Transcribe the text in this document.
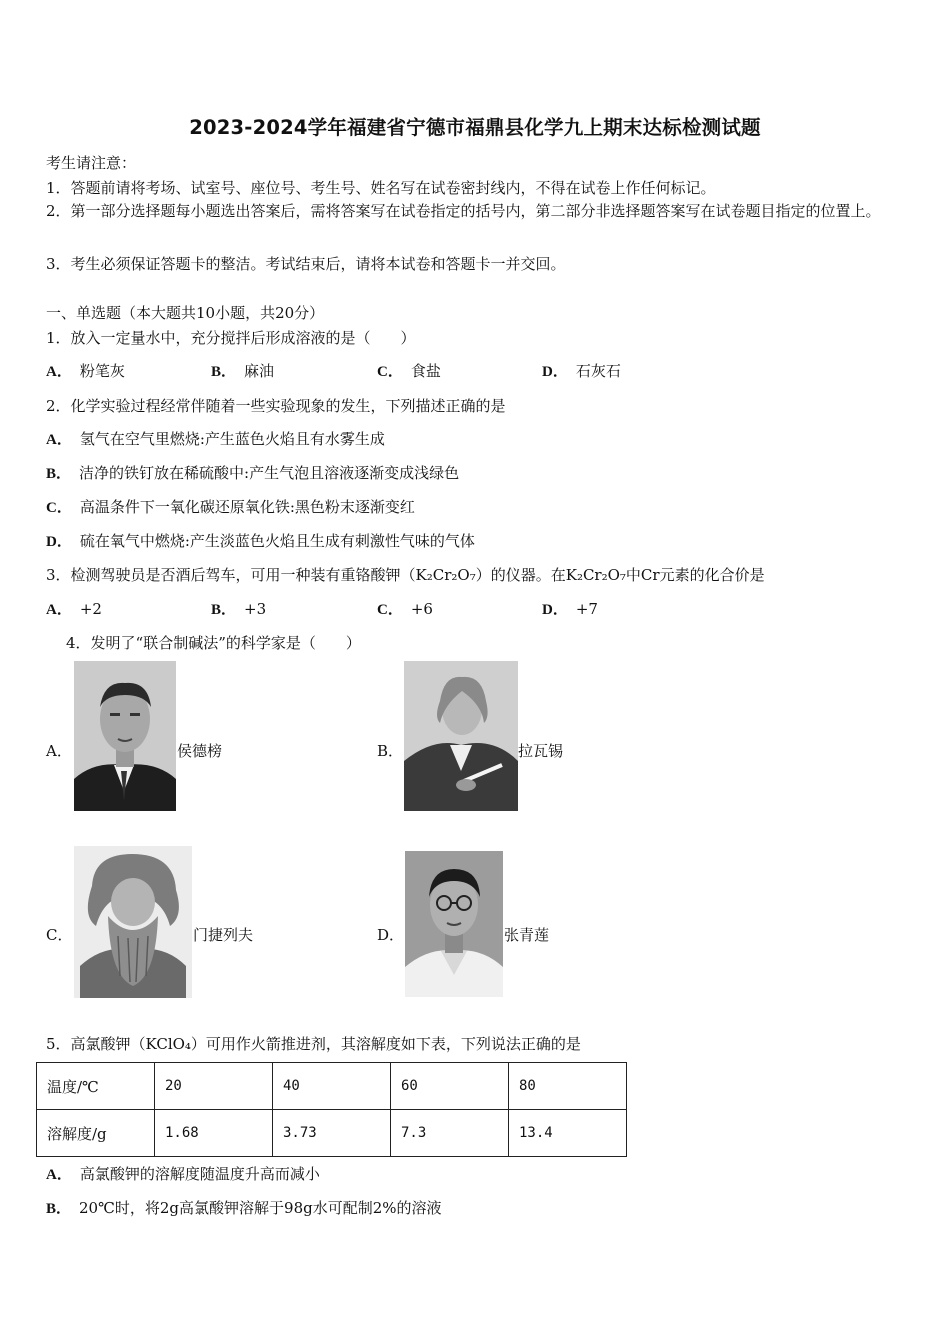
2023-2024学年福建省宁德市福鼎县化学九上期末达标检测试题
考生请注意：
1．答题前请将考场、试室号、座位号、考生号、姓名写在试卷密封线内，不得在试卷上作任何标记。
2．第一部分选择题每小题选出答案后，需将答案写在试卷指定的括号内，第二部分非选择题答案写在试卷题目指定的位置上。
3．考生必须保证答题卡的整洁。考试结束后，请将本试卷和答题卡一并交回。
一、单选题（本大题共10小题，共20分）
1．放入一定量水中，充分搅拌后形成溶液的是（　　）
A． 粉笔灰	B． 麻油	C． 食盐	D． 石灰石
2．化学实验过程经常伴随着一些实验现象的发生，下列描述正确的是
A． 氢气在空气里燃烧:产生蓝色火焰且有水雾生成
B． 洁净的铁钉放在稀硫酸中:产生气泡且溶液逐渐变成浅绿色
C． 高温条件下一氧化碳还原氧化铁:黑色粉末逐渐变红
D． 硫在氧气中燃烧:产生淡蓝色火焰且生成有刺激性气味的气体
3．检测驾驶员是否酒后驾车，可用一种装有重铬酸钾（K₂Cr₂O₇）的仪器。在K₂Cr₂O₇中Cr元素的化合价是
A． +2	B． +3	C． +6	D． +7
4．发明了“联合制碱法”的科学家是（　　）
A．	侯德榜	B．	拉瓦锡
C．	门捷列夫	D．	张青莲
5．高氯酸钾（KClO₄）可用作火箭推进剂，其溶解度如下表，下列说法正确的是
温度/℃	20	40	60	80
溶解度/g	1.68	3.73	7.3	13.4
A． 高氯酸钾的溶解度随温度升高而减小
B． 20℃时，将2g高氯酸钾溶解于98g水可配制2%的溶液
